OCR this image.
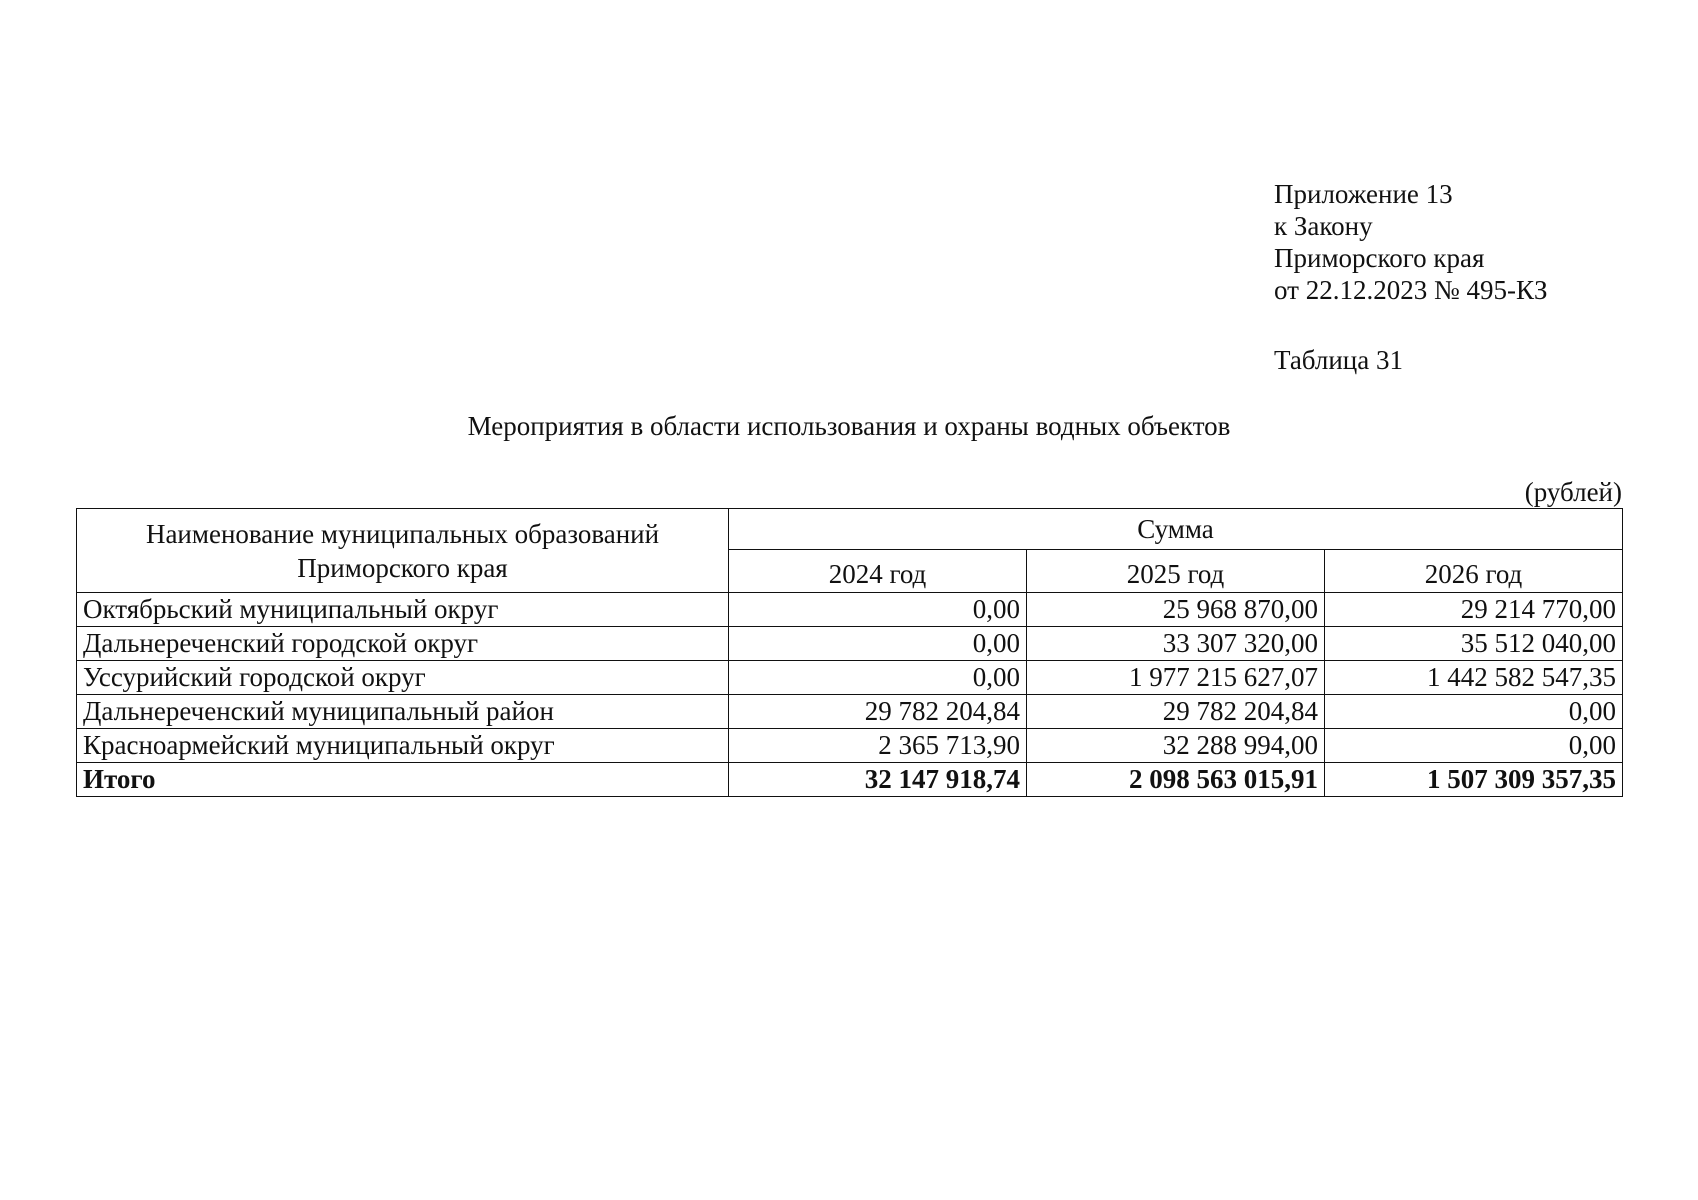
Приложение 13
к Закону
Приморского края
от 22.12.2023 № 495-КЗ
Таблица 31
Мероприятия в области использования и охраны водных объектов
(рублей)
Наименование муниципальных образований
Приморского края	Сумма		
	2024 год	2025 год	2026 год
Октябрьский муниципальный округ	0,00	25 968 870,00	29 214 770,00
Дальнереченский городской округ	0,00	33 307 320,00	35 512 040,00
Уссурийский городской округ	0,00	1 977 215 627,07	1 442 582 547,35
Дальнереченский муниципальный район	29 782 204,84	29 782 204,84	0,00
Красноармейский муниципальный округ	2 365 713,90	32 288 994,00	0,00
Итого	32 147 918,74	2 098 563 015,91	1 507 309 357,35
